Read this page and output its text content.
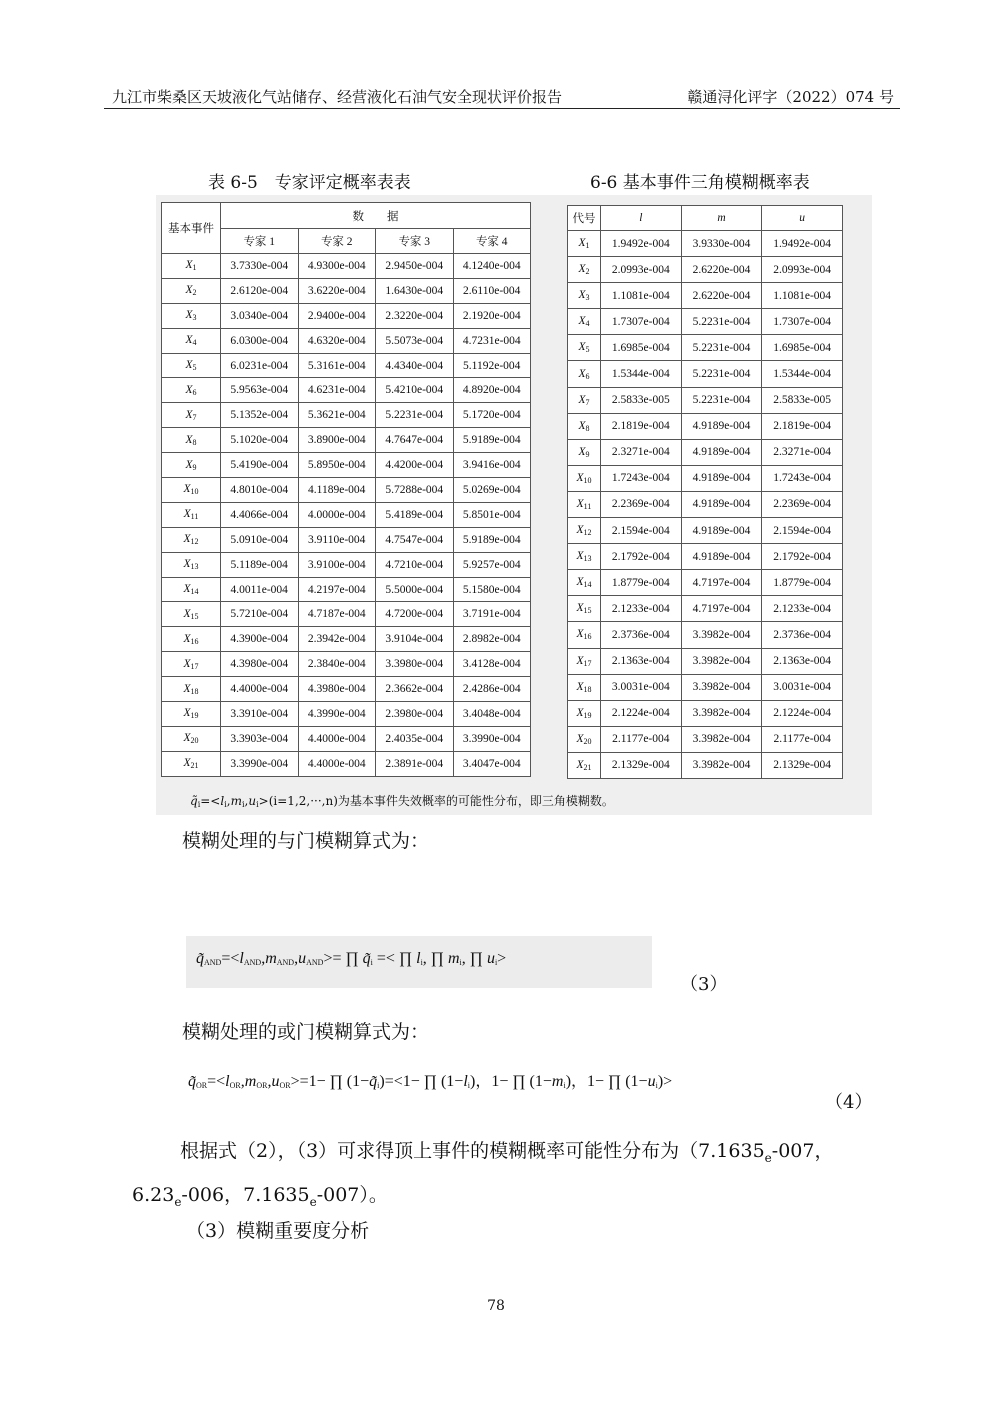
九江市柴桑区天坡液化气站储存、经营液化石油气安全现状评价报告	赣通浔化评字（2022）074 号
表 6-5　专家评定概率表表	6-6 基本事件三角模糊概率表
基本事件	数　　据			
	专家 1	专家 2	专家 3	专家 4
$X_1$	3.7330e-004	4.9300e-004	2.9450e-004	4.1240e-004
$X_2$	2.6120e-004	3.6220e-004	1.6430e-004	2.6110e-004
$X_3$	3.0340e-004	2.9400e-004	2.3220e-004	2.1920e-004
$X_4$	6.0300e-004	4.6320e-004	5.5073e-004	4.7231e-004
$X_5$	6.0231e-004	5.3161e-004	4.4340e-004	5.1192e-004
$X_6$	5.9563e-004	4.6231e-004	5.4210e-004	4.8920e-004
$X_7$	5.1352e-004	5.3621e-004	5.2231e-004	5.1720e-004
$X_8$	5.1020e-004	3.8900e-004	4.7647e-004	5.9189e-004
$X_9$	5.4190e-004	5.8950e-004	4.4200e-004	3.9416e-004
$X_{10}$	4.8010e-004	4.1189e-004	5.7288e-004	5.0269e-004
$X_{11}$	4.4066e-004	4.0000e-004	5.4189e-004	5.8501e-004
$X_{12}$	5.0910e-004	3.9110e-004	4.7547e-004	5.9189e-004
$X_{13}$	5.1189e-004	3.9100e-004	4.7210e-004	5.9257e-004
$X_{14}$	4.0011e-004	4.2197e-004	5.5000e-004	5.1580e-004
$X_{15}$	5.7210e-004	4.7187e-004	4.7200e-004	3.7191e-004
$X_{16}$	4.3900e-004	2.3942e-004	3.9104e-004	2.8982e-004
$X_{17}$	4.3980e-004	2.3840e-004	3.3980e-004	3.4128e-004
$X_{18}$	4.4000e-004	4.3980e-004	2.3662e-004	2.4286e-004
$X_{19}$	3.3910e-004	4.3990e-004	2.3980e-004	3.4048e-004
$X_{20}$	3.3903e-004	4.4000e-004	2.4035e-004	3.3990e-004
$X_{21}$	3.3990e-004	4.4000e-004	2.3891e-004	3.4047e-004
代号	l	m	u
$X_1$	1.9492e-004	3.9330e-004	1.9492e-004
$X_2$	2.0993e-004	2.6220e-004	2.0993e-004
$X_3$	1.1081e-004	2.6220e-004	1.1081e-004
$X_4$	1.7307e-004	5.2231e-004	1.7307e-004
$X_5$	1.6985e-004	5.2231e-004	1.6985e-004
$X_6$	1.5344e-004	5.2231e-004	1.5344e-004
$X_7$	2.5833e-005	5.2231e-004	2.5833e-005
$X_8$	2.1819e-004	4.9189e-004	2.1819e-004
$X_9$	2.3271e-004	4.9189e-004	2.3271e-004
$X_{10}$	1.7243e-004	4.9189e-004	1.7243e-004
$X_{11}$	2.2369e-004	4.9189e-004	2.2369e-004
$X_{12}$	2.1594e-004	4.9189e-004	2.1594e-004
$X_{13}$	2.1792e-004	4.9189e-004	2.1792e-004
$X_{14}$	1.8779e-004	4.7197e-004	1.8779e-004
$X_{15}$	2.1233e-004	4.7197e-004	2.1233e-004
$X_{16}$	2.3736e-004	3.3982e-004	2.3736e-004
$X_{17}$	2.1363e-004	3.3982e-004	2.1363e-004
$X_{18}$	3.0031e-004	3.3982e-004	3.0031e-004
$X_{19}$	2.1224e-004	3.3982e-004	2.1224e-004
$X_{20}$	2.1177e-004	3.3982e-004	2.1177e-004
$X_{21}$	2.1329e-004	3.3982e-004	2.1329e-004
$q̃_i=<l_i,m_i,u_i>(i=1,2,\cdot\cdot\cdot,n)$为基本事件失效概率的可能性分布，即三角模糊数。
模糊处理的与门模糊算式为：
$q̃_{AND}=<l_{AND},m_{AND},u_{AND}>=$ ∏ $q̃_i$ =< ∏ $l_i$, ∏ $m_i$, ∏ $u_i>$
（3）
模糊处理的或门模糊算式为：
$q̃_{OR}=<l_{OR},m_{OR},u_{OR}>=1-$ ∏ $(1-q̃_i)=<1-$ ∏ $(1-l_i)$，1− ∏ $(1-m_i)$，1− ∏ $(1-u_i)>$
（4）
根据式（2），（3）可求得顶上事件的模糊概率可能性分布为（$7.1635_e-007$，
$6.23_e-006$，$7.1635_e-007$）。
（3）模糊重要度分析
78
